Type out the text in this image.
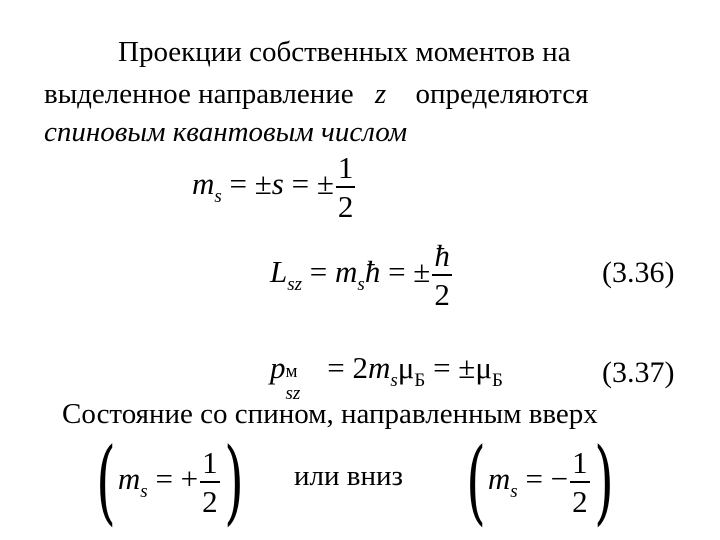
Проекции собственных моментов на
выделенное направление z определяются
спиновым квантовым числом
$m_s = \pm s$ = ± $\frac{1}{2}$
$L_{sz}$ = $m_sħ$ = ± $\frac{ħ}{2}$	(3.36)
p м
sz
= $2m_s\mu_Б = \pm\mu_Б$	(3.37)
Состояние со спином, направленным вверх
( $m_s$ = + $\frac{1}{2}$ ) или вниз ( $m_s$ = − $\frac{1}{2}$ )
